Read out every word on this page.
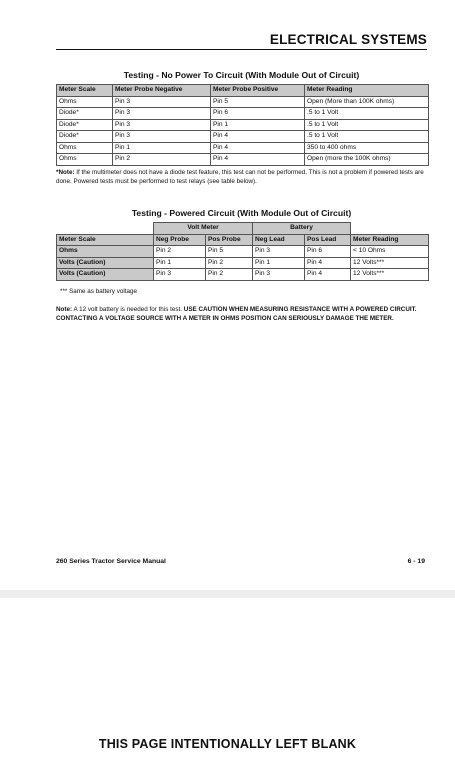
ELECTRICAL SYSTEMS
Testing - No Power To Circuit (With Module Out of Circuit)
Meter Scale	Meter Probe Negative	Meter Probe Positive	Meter Reading
Ohms	Pin 3	Pin 5	Open (More than 100K ohms)
Diode*	Pin 3	Pin 6	.5 to 1 Volt
Diode*	Pin 3	Pin 1	.5 to 1 Volt
Diode*	Pin 3	Pin 4	.5 to 1 Volt
Ohms	Pin 1	Pin 4	350 to 400 ohms
Ohms	Pin 2	Pin 4	Open (more the 100K ohms)
*Note: If the multimeter does not have a diode test feature, this test can not be performed. This is not a problem if powered tests are done. Powered tests must be performed to test relays (see table below).
Testing - Powered Circuit (With Module Out of Circuit)
	Volt Meter		Battery		
Meter Scale	Neg Probe	Pos Probe	Neg Lead	Pos Lead	Meter Reading
Ohms	Pin 2	Pin 5	Pin 3	Pin 6	< 10 Ohms
Volts (Caution)	Pin 1	Pin 2	Pin 1	Pin 4	12 Volts***
Volts (Caution)	Pin 3	Pin 2	Pin 3	Pin 4	12 Volts***
*** Same as battery voltage
Note: A 12 volt battery is needed for this test. USE CAUTION WHEN MEASURING RESISTANCE WITH A POWERED CIRCUIT. CONTACTING A VOLTAGE SOURCE WITH A METER IN OHMS POSITION CAN SERIOUSLY DAMAGE THE METER.
260 Series Tractor Service Manual	6 - 19
THIS PAGE INTENTIONALLY LEFT BLANK
